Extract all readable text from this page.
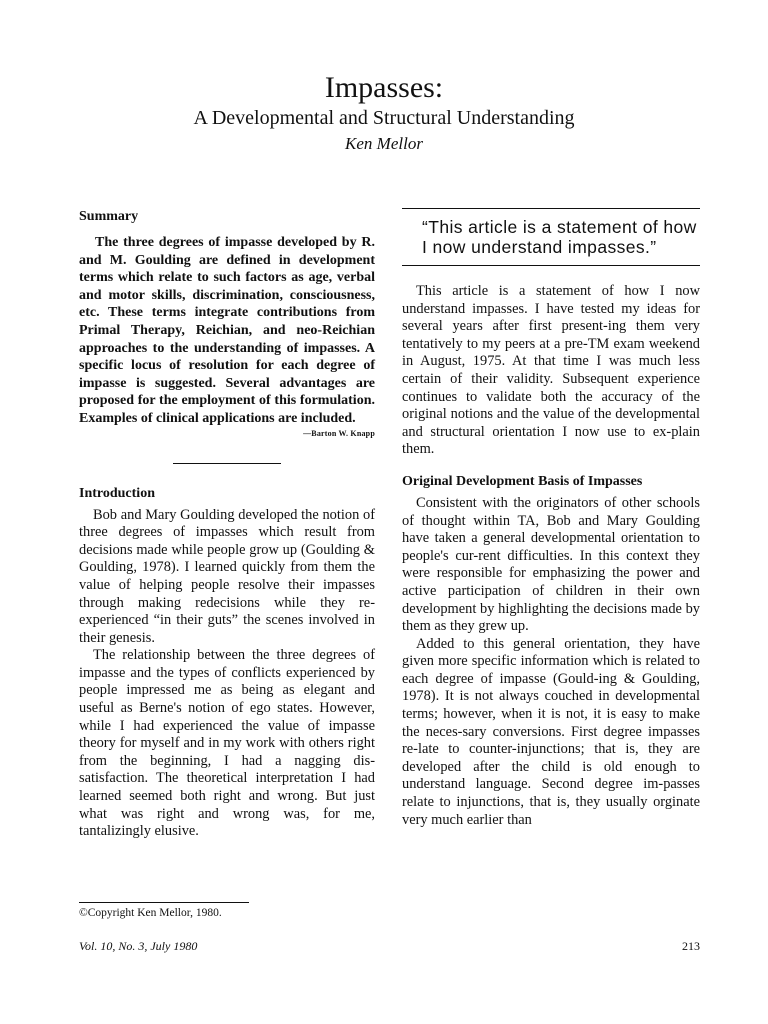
Impasses:
A Developmental and Structural Understanding
Ken Mellor
Summary

The three degrees of impasse developed by R. and M. Goulding are defined in development terms which relate to such factors as age, verbal and motor skills, discrimination, consciousness, etc. These terms integrate contributions from Primal Therapy, Reichian, and neo-Reichian approaches to the understanding of impasses. A specific locus of resolution for each degree of impasse is suggested. Several advantages are proposed for the employment of this formulation. Examples of clinical applications are included.

—Barton W. Knapp
Introduction

Bob and Mary Goulding developed the notion of three degrees of impasses which result from decisions made while people grow up (Goulding & Goulding, 1978). I learned quickly from them the value of helping people resolve their impasses through making redecisions while they re-experienced “in their guts” the scenes involved in their genesis.

The relationship between the three degrees of impasse and the types of conflicts experienced by people impressed me as being as elegant and useful as Berne's notion of ego states. However, while I had experienced the value of impasse theory for myself and in my work with others right from the beginning, I had a nagging dis-satisfaction. The theoretical interpretation I had learned seemed both right and wrong. But just what was right and wrong was, for me, tantalizingly elusive.

“This article is a statement of how I now understand impasses.”

This article is a statement of how I now understand impasses. I have tested my ideas for several years after first present-ing them very tentatively to my peers at a pre-TM exam weekend in August, 1975. At that time I was much less certain of their validity. Subsequent experience continues to validate both the accuracy of the original notions and the value of the developmental and structural orientation I now use to ex-plain them.

Original Development Basis of Impasses

Consistent with the originators of other schools of thought within TA, Bob and Mary Goulding have taken a general developmental orientation to people's cur-rent difficulties. In this context they were responsible for emphasizing the power and active participation of children in their own development by highlighting the decisions made by them as they grew up.

Added to this general orientation, they have given more specific information which is related to each degree of impasse (Gould-ing & Goulding, 1978). It is not always couched in developmental terms; however, when it is not, it is easy to make the neces-sary conversions. First degree impasses re-late to counter-injunctions; that is, they are developed after the child is old enough to understand language. Second degree im-passes relate to injunctions, that is, they usually orginate very much earlier than

©Copyright Ken Mellor, 1980.
Vol. 10, No. 3, July 1980	213
